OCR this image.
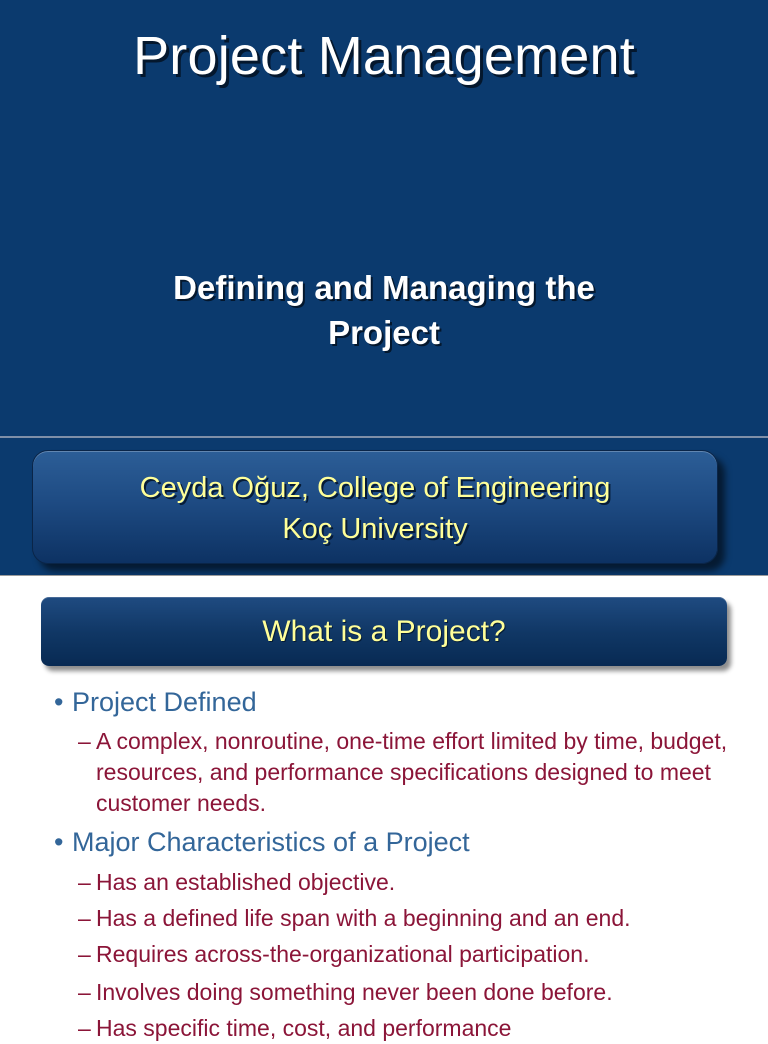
Project Management
Defining and Managing the
Project
Ceyda Oğuz, College of Engineering
Koç University
What is a Project?
• Project Defined
– A complex, nonroutine, one-time effort limited by time, budget, resources, and performance specifications designed to meet customer needs.
• Major Characteristics of a Project
– Has an established objective.
– Has a defined life span with a beginning and an end.
– Requires across-the-organizational participation.
– Involves doing something never been done before.
– Has specific time, cost, and performance
